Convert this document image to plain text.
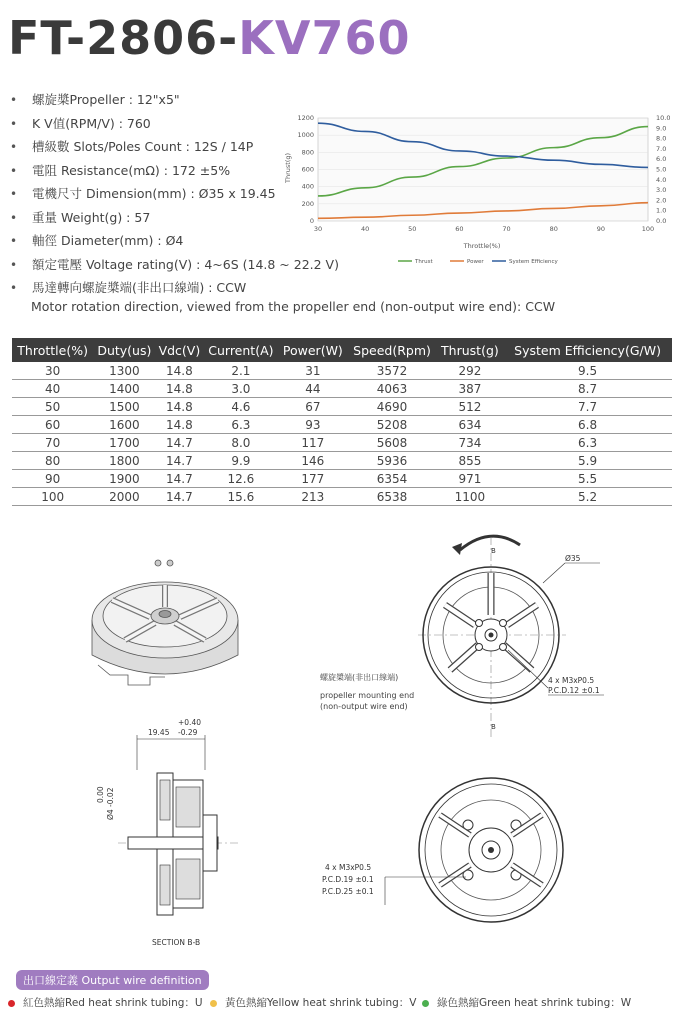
FT-2806-KV760
• 螺旋槳Propeller : 12"x5"
• K V值(RPM/V) : 760
• 槽級數 Slots/Poles Count : 12S / 14P
• 電阻 Resistance(mΩ) : 172 ±5%
• 電機尺寸 Dimension(mm) : Ø35 x 19.45
• 重量 Weight(g) : 57
• 軸徑 Diameter(mm) : Ø4
• 額定電壓 Voltage rating(V) : 4~6S (14.8 ~ 22.2 V)
• 馬達轉向螺旋槳端(非出口線端) : CCW
Motor rotation direction, viewed from the propeller end (non-output wire end): CCW
0
200
400
600
800
1000
1200
0.0
1.0
2.0
3.0
4.0
5.0
6.0
7.0
8.0
9.0
10.0
30	40	50	60	70	80	90	100
Thrust(g)
Throttle(%)
Thrust	Power	System Efficiency
Throttle(%)	Duty(us)	Vdc(V)	Current(A)	Power(W)	Speed(Rpm)	Thrust(g)	System Efficiency(G/W)
30	1300	14.8	2.1	31	3572	292	9.5
40	1400	14.8	3.0	44	4063	387	8.7
50	1500	14.8	4.6	67	4690	512	7.7
60	1600	14.8	6.3	93	5208	634	6.8
70	1700	14.7	8.0	117	5608	734	6.3
80	1800	14.7	9.9	146	5936	855	5.9
90	1900	14.7	12.6	177	6354	971	5.5
100	2000	14.7	15.6	213	6538	1100	5.2
B
B
Ø35
4 x M3xP0.5
P.C.D.12 ±0.1
螺旋槳端(非出口線端)
propeller mounting end
(non-output wire end)
+0.40
19.45 -0.29
0.00 Ø4 -0.02
SECTION B-B
4 x M3xP0.5
P.C.D.19 ±0.1
P.C.D.25 ±0.1
出口線定義 Output wire definition
紅色熱縮Red heat shrink tubing：U	黃色熱縮Yellow heat shrink tubing：V	綠色熱縮Green heat shrink tubing：W
